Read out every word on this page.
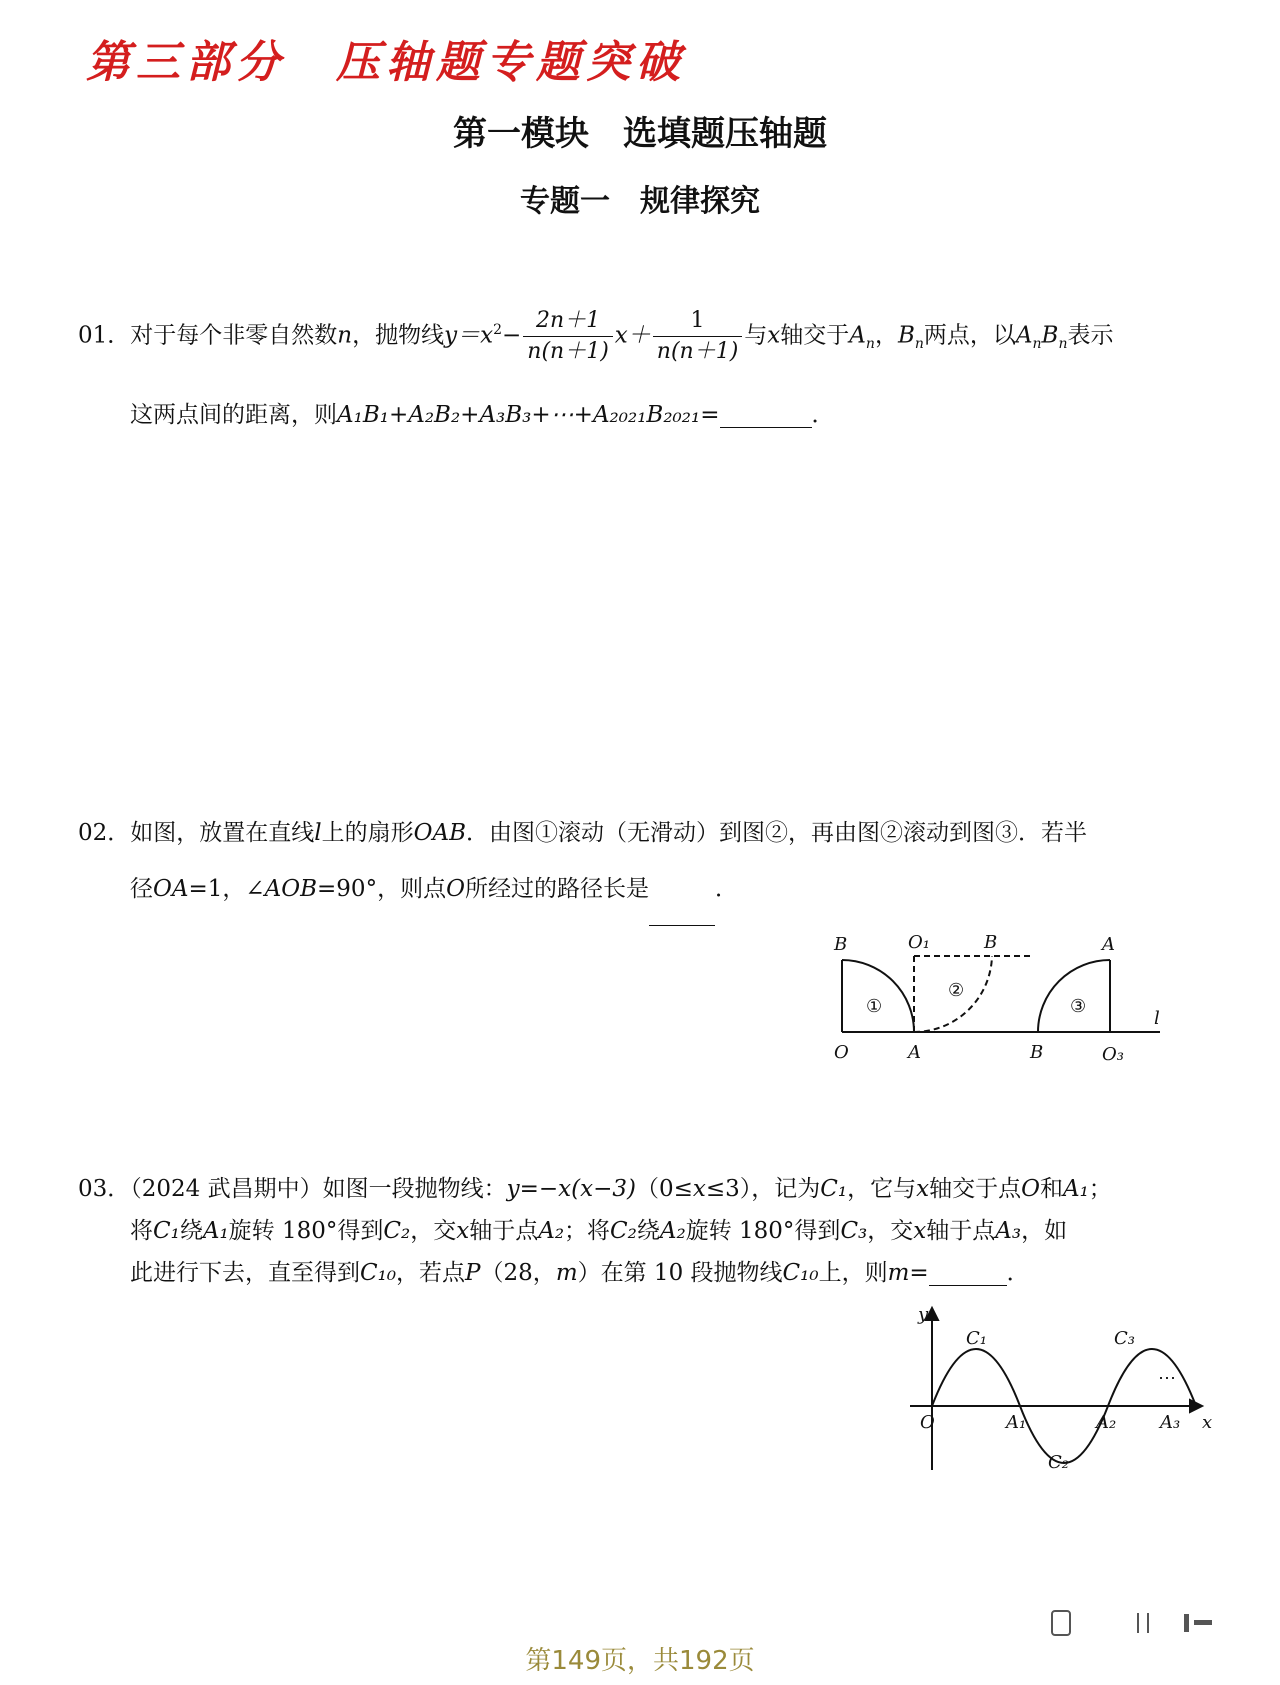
第三部分　压轴题专题突破
第一模块　选填题压轴题
专题一　规律探究
01．对于每个非零自然数n，抛物线$y=x^2- \frac{2n+1}{n(n+1)} x+ \frac{1}{n(n+1)}$ 与x轴交于$A_n$，$B_n$两点，以$A_nB_n$表示
这两点间的距离，则A₁B₁+A₂B₂+A₃B₃+⋯+A₂₀₂₁B₂₀₂₁=	．
02．如图，放置在直线l上的扇形OAB．由图①滚动（无滑动）到图②，再由图②滚动到图③．若半
径OA=1，∠AOB=90°，则点O所经过的路径长是	．
B	O₁	B	A
O	A	B	O₃
l
①
②
③
03．（2024 武昌期中）如图一段抛物线：y=−x(x−3)（0≤x≤3），记为C₁，它与x轴交于点O和A₁；
将C₁绕A₁旋转 180°得到C₂，交x轴于点A₂；将C₂绕A₂旋转 180°得到C₃，交x轴于点A₃，如
此进行下去，直至得到C₁₀，若点P（28，m）在第 10 段抛物线C₁₀上，则m=	．
y
O
C₁
A₁
C₂
A₂
C₃
A₃ x
⋯
第149页，共192页
